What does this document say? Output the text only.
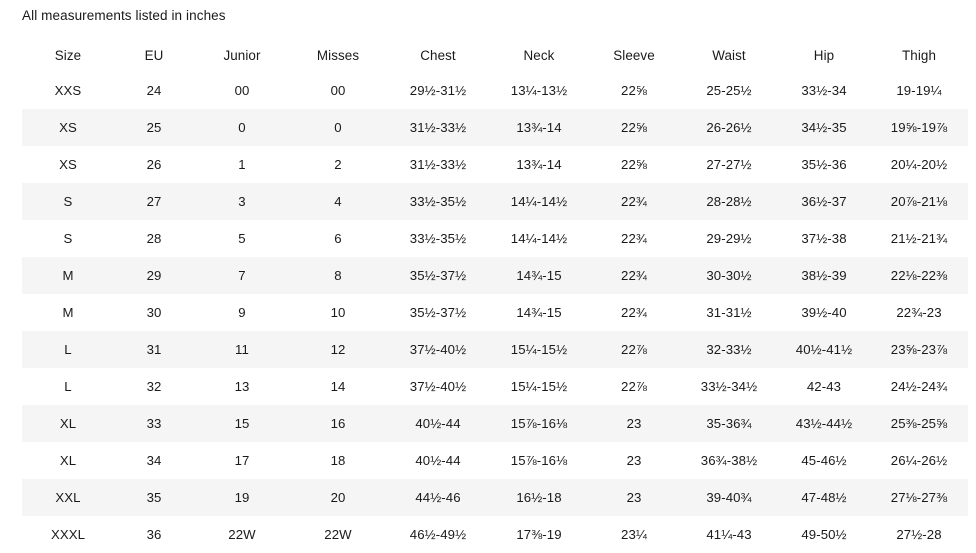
All measurements listed in inches
Size	EU	Junior	Misses	Chest	Neck	Sleeve	Waist	Hip	Thigh
XXS	24	00	00	29½-31½	13¼-13½	22⅝	25-25½	33½-34	19-19¼
XS	25	0	0	31½-33½	13¾-14	22⅝	26-26½	34½-35	19⅝-19⅞
XS	26	1	2	31½-33½	13¾-14	22⅝	27-27½	35½-36	20¼-20½
S	27	3	4	33½-35½	14¼-14½	22¾	28-28½	36½-37	20⅞-21⅛
S	28	5	6	33½-35½	14¼-14½	22¾	29-29½	37½-38	21½-21¾
M	29	7	8	35½-37½	14¾-15	22¾	30-30½	38½-39	22⅛-22⅜
M	30	9	10	35½-37½	14¾-15	22¾	31-31½	39½-40	22¾-23
L	31	11	12	37½-40½	15¼-15½	22⅞	32-33½	40½-41½	23⅝-23⅞
L	32	13	14	37½-40½	15¼-15½	22⅞	33½-34½	42-43	24½-24¾
XL	33	15	16	40½-44	15⅞-16⅛	23	35-36¾	43½-44½	25⅜-25⅝
XL	34	17	18	40½-44	15⅞-16⅛	23	36¾-38½	45-46½	26¼-26½
XXL	35	19	20	44½-46	16½-18	23	39-40¾	47-48½	27⅛-27⅜
XXXL	36	22W	22W	46½-49½	17⅜-19	23¼	41¼-43	49-50½	27½-28
